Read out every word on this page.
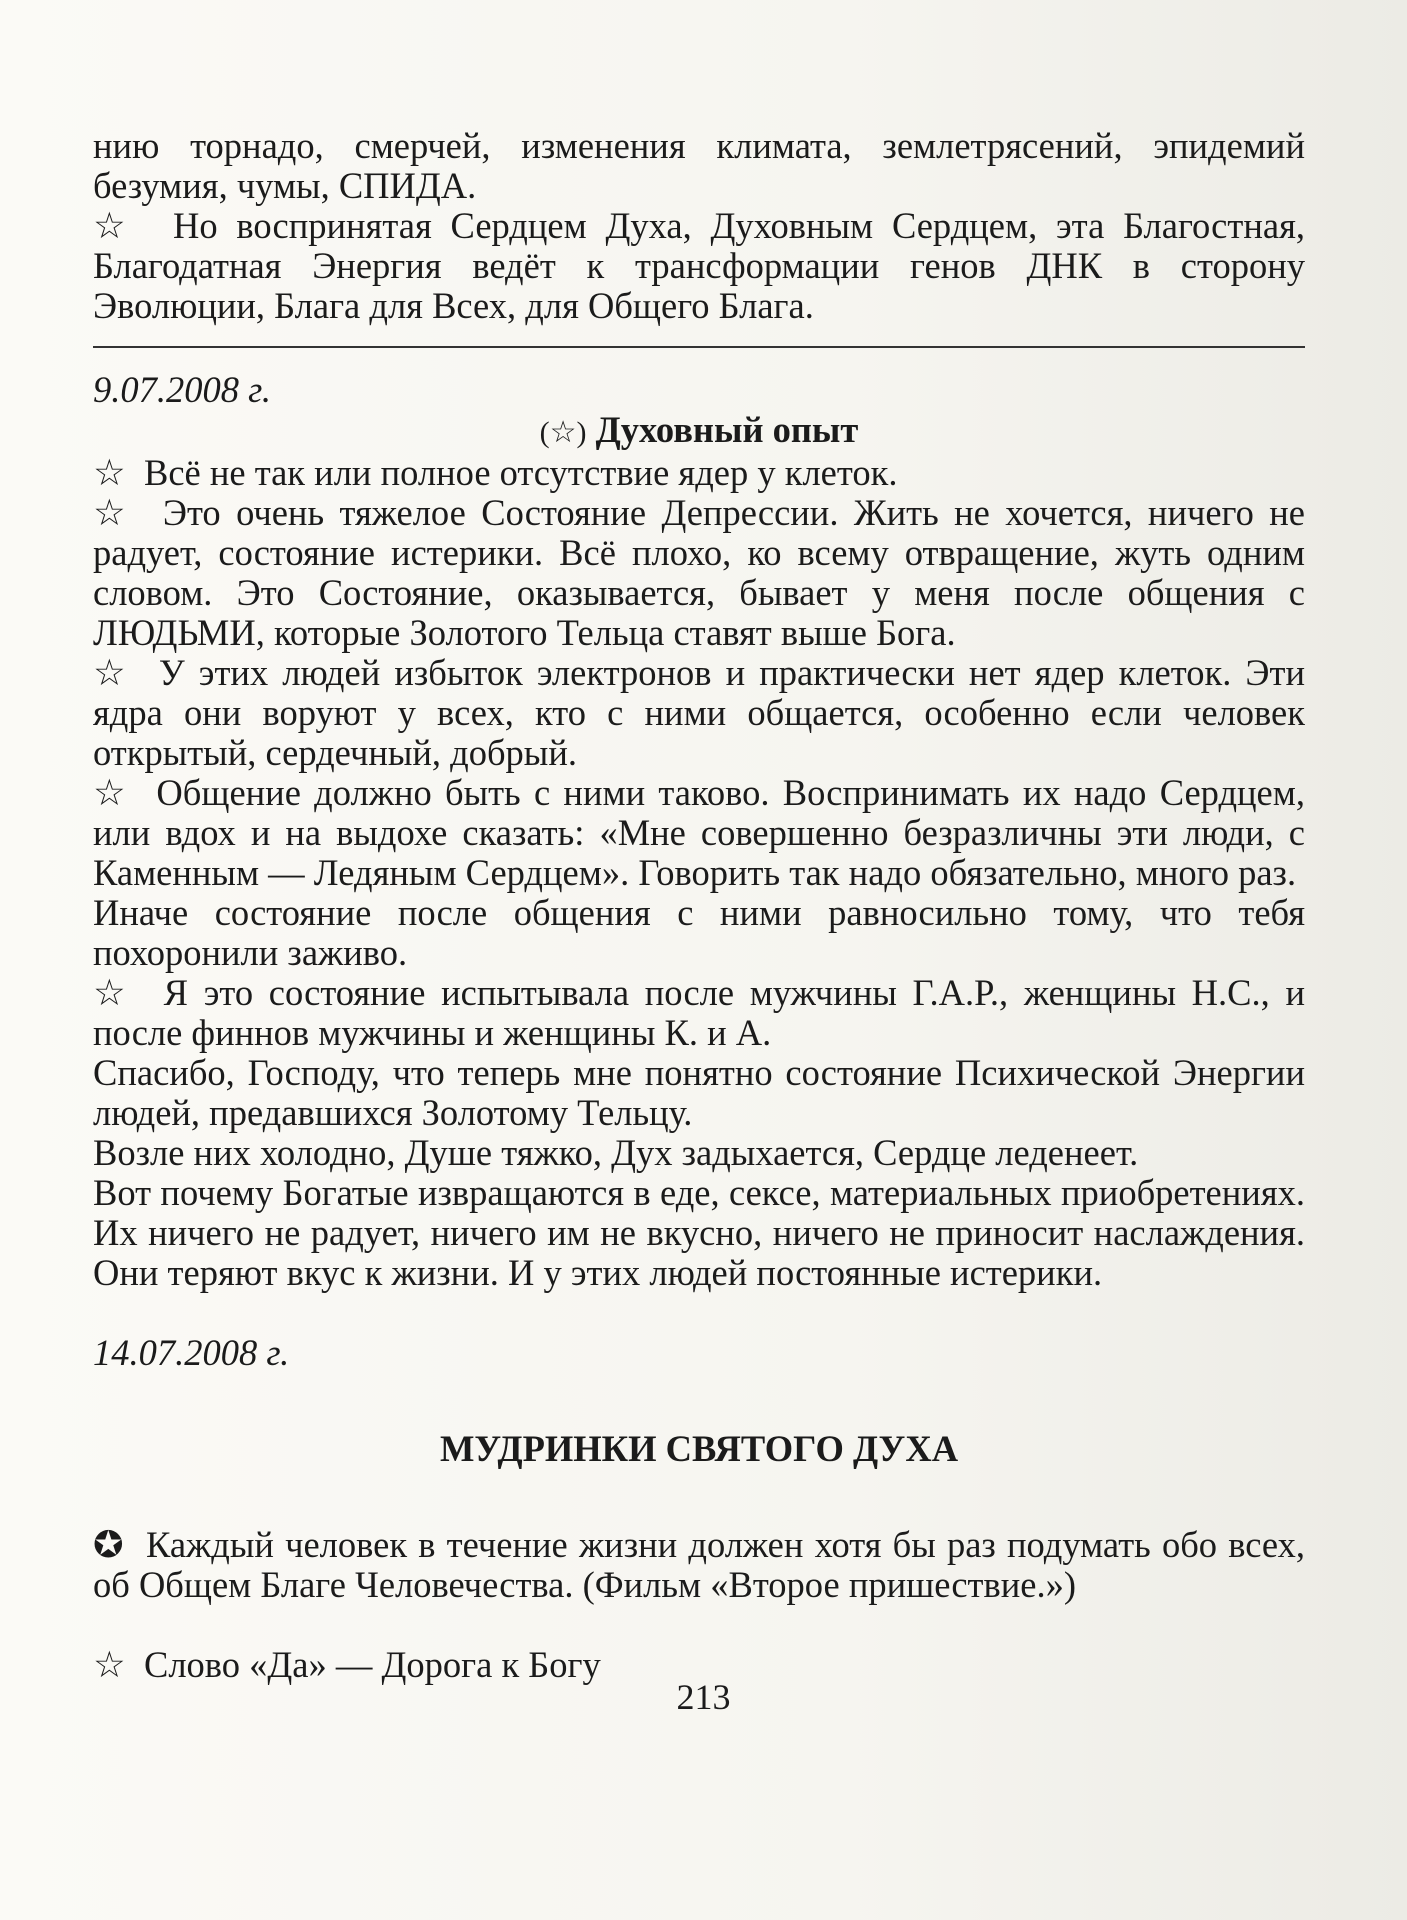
нию торнадо, смерчей, изменения климата, землетрясений, эпидемий безумия, чумы, СПИДА.

☆  Но воспринятая Сердцем Духа, Духовным Сердцем, эта Благостная, Благодатная Энергия ведёт к трансформации генов ДНК в сторону Эволюции, Блага для Всех, для Общего Блага.

9.07.2008 г.

(☆) Духовный опыт

☆  Всё не так или полное отсутствие ядер у клеток.

☆  Это очень тяжелое Состояние Депрессии. Жить не хочется, ничего не радует, состояние истерики. Всё плохо, ко всему отвращение, жуть одним словом. Это Состояние, оказывается, бывает у меня после общения с ЛЮДЬМИ, которые Золотого Тельца ставят выше Бога.

☆  У этих людей избыток электронов и практически нет ядер клеток. Эти ядра они воруют у всех, кто с ними общается, особенно если человек открытый, сердечный, добрый.

☆  Общение должно быть с ними таково. Воспринимать их надо Сердцем, или вдох и на выдохе сказать: «Мне совершенно безразличны эти люди, с Каменным — Ледяным Сердцем». Говорить так надо обязательно, много раз.

Иначе состояние после общения с ними равносильно тому, что тебя похоронили заживо.

☆  Я это состояние испытывала после мужчины Г.А.Р., женщины Н.С., и после финнов мужчины и женщины К. и А.

Спасибо, Господу, что теперь мне понятно состояние Психической Энергии людей, предавшихся Золотому Тельцу.

Возле них холодно, Душе тяжко, Дух задыхается, Сердце леденеет.

Вот почему Богатые извращаются в еде, сексе, материальных приобретениях. Их ничего не радует, ничего им не вкусно, ничего не приносит наслаждения. Они теряют вкус к жизни. И у этих людей постоянные истерики.

14.07.2008 г.

МУДРИНКИ СВЯТОГО ДУХА

✪ Каждый человек в течение жизни должен хотя бы раз подумать обо всех, об Общем Благе Человечества. (Фильм «Второе пришествие.»)

☆  Слово «Да» — Дорога к Богу

213
